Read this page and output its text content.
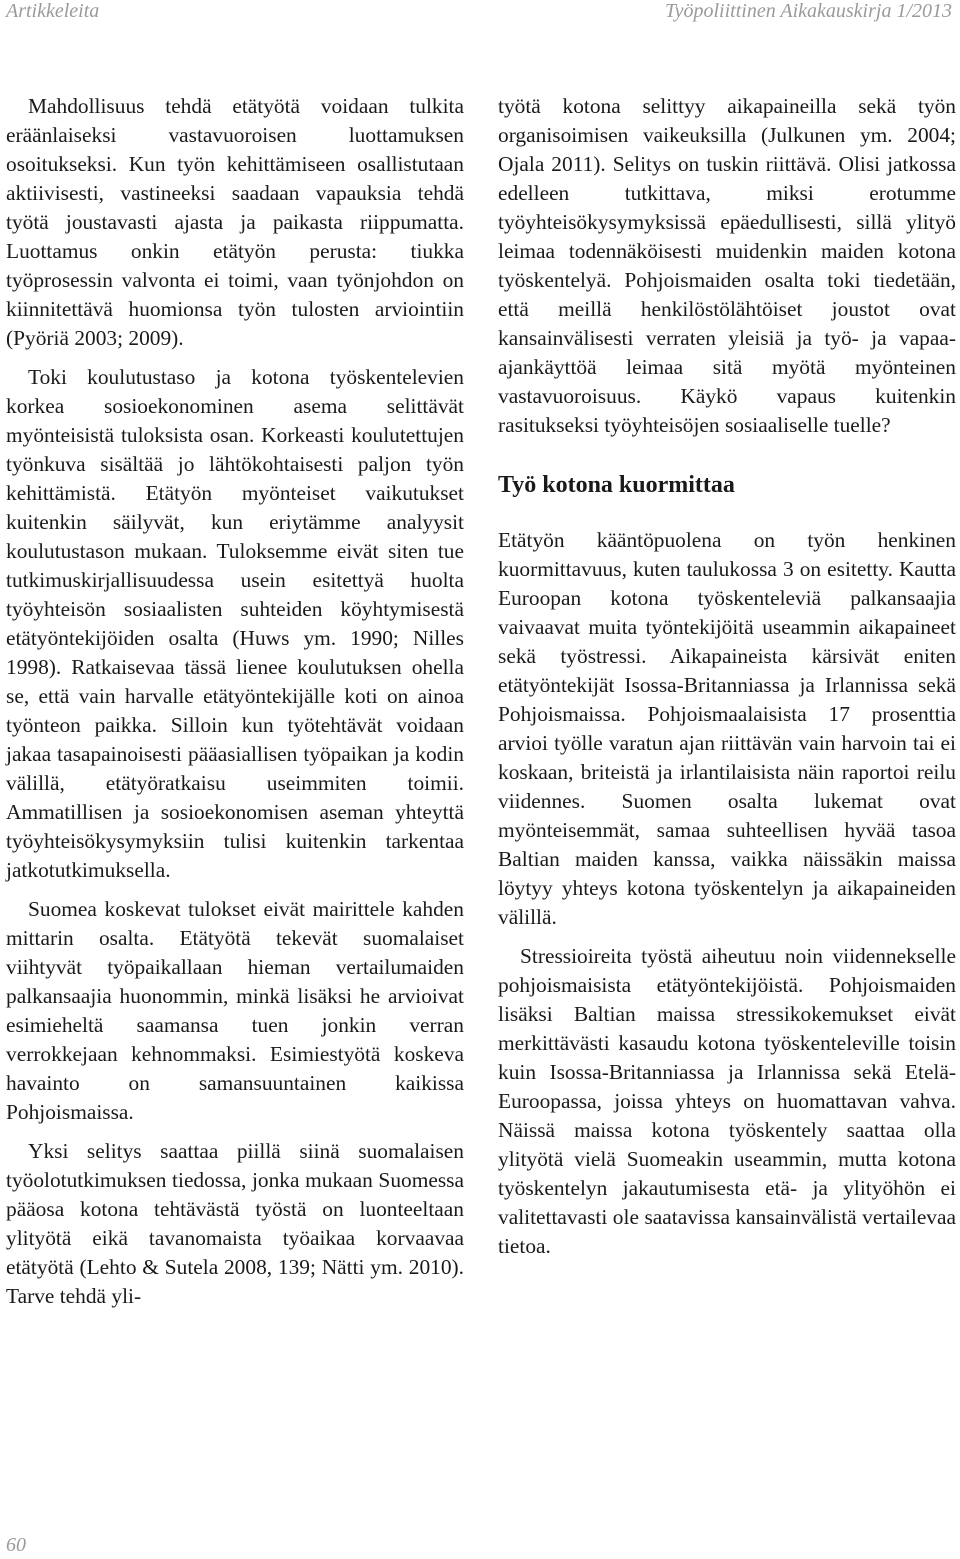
Artikkeleita	Työpoliittinen Aikakauskirja 1/2013

Mahdollisuus tehdä etätyötä voidaan tulkita eräänlaiseksi vastavuoroisen luottamuksen osoitukseksi. Kun työn kehittämiseen osallistutaan aktiivisesti, vastineeksi saadaan vapauksia tehdä työtä joustavasti ajasta ja paikasta riippumatta. Luottamus onkin etätyön perusta: tiukka työprosessin valvonta ei toimi, vaan työnjohdon on kiinnitettävä huomionsa työn tulosten arviointiin (Pyöriä 2003; 2009).

Toki koulutustaso ja kotona työskentelevien korkea sosioekonominen asema selittävät myönteisistä tuloksista osan. Korkeasti koulutettujen työnkuva sisältää jo lähtökohtaisesti paljon työn kehittämistä. Etätyön myönteiset vaikutukset kuitenkin säilyvät, kun eriytämme analyysit koulutustason mukaan. Tuloksemme eivät siten tue tutkimuskirjallisuudessa usein esitettyä huolta työyhteisön sosiaalisten suhteiden köyhtymisestä etätyöntekijöiden osalta (Huws ym. 1990; Nilles 1998). Ratkaisevaa tässä lienee koulutuksen ohella se, että vain harvalle etätyöntekijälle koti on ainoa työnteon paikka. Silloin kun työtehtävät voidaan jakaa tasapainoisesti pääasiallisen työpaikan ja kodin välillä, etätyöratkaisu useimmiten toimii. Ammatillisen ja sosioekonomisen aseman yhteyttä työyhteisökysymyksiin tulisi kuitenkin tarkentaa jatkotutkimuksella.

Suomea koskevat tulokset eivät mairittele kahden mittarin osalta. Etätyötä tekevät suomalaiset viihtyvät työpaikallaan hieman vertailumaiden palkansaajia huonommin, minkä lisäksi he arvioivat esimieheltä saamansa tuen jonkin verran verrokkejaan kehnommaksi. Esimiestyötä koskeva havainto on samansuuntainen kaikissa Pohjoismaissa.

Yksi selitys saattaa piillä siinä suomalaisen työolotutkimuksen tiedossa, jonka mukaan Suomessa pääosa kotona tehtävästä työstä on luonteeltaan ylityötä eikä tavanomaista työaikaa korvaavaa etätyötä (Lehto & Sutela 2008, 139; Nätti ym. 2010). Tarve tehdä yli-

työtä kotona selittyy aikapaineilla sekä työn organisoimisen vaikeuksilla (Julkunen ym. 2004; Ojala 2011). Selitys on tuskin riittävä. Olisi jatkossa edelleen tutkittava, miksi erotumme työyhteisökysymyksissä epäedullisesti, sillä ylityö leimaa todennäköisesti muidenkin maiden kotona työskentelyä. Pohjoismaiden osalta toki tiedetään, että meillä henkilöstölähtöiset joustot ovat kansainvälisesti verraten yleisiä ja työ- ja vapaa-ajankäyttöä leimaa sitä myötä myönteinen vastavuoroisuus. Käykö vapaus kuitenkin rasitukseksi työyhteisöjen sosiaaliselle tuelle?

Työ kotona kuormittaa

Etätyön kääntöpuolena on työn henkinen kuormittavuus, kuten taulukossa 3 on esitetty. Kautta Euroopan kotona työskenteleviä palkansaajia vaivaavat muita työntekijöitä useammin aikapaineet sekä työstressi. Aikapaineista kärsivät eniten etätyöntekijät Isossa-Britanniassa ja Irlannissa sekä Pohjoismaissa. Pohjoismaalaisista 17 prosenttia arvioi työlle varatun ajan riittävän vain harvoin tai ei koskaan, briteistä ja irlantilaisista näin raportoi reilu viidennes. Suomen osalta lukemat ovat myönteisemmät, samaa suhteellisen hyvää tasoa Baltian maiden kanssa, vaikka näissäkin maissa löytyy yhteys kotona työskentelyn ja aikapaineiden välillä.

Stressioireita työstä aiheutuu noin viidennekselle pohjoismaisista etätyöntekijöistä. Pohjoismaiden lisäksi Baltian maissa stressikokemukset eivät merkittävästi kasaudu kotona työskenteleville toisin kuin Isossa-Britanniassa ja Irlannissa sekä Etelä-Euroopassa, joissa yhteys on huomattavan vahva. Näissä maissa kotona työskentely saattaa olla ylityötä vielä Suomeakin useammin, mutta kotona työskentelyn jakautumisesta etä- ja ylityöhön ei valitettavasti ole saatavissa kansainvälistä vertailevaa tietoa.

60
